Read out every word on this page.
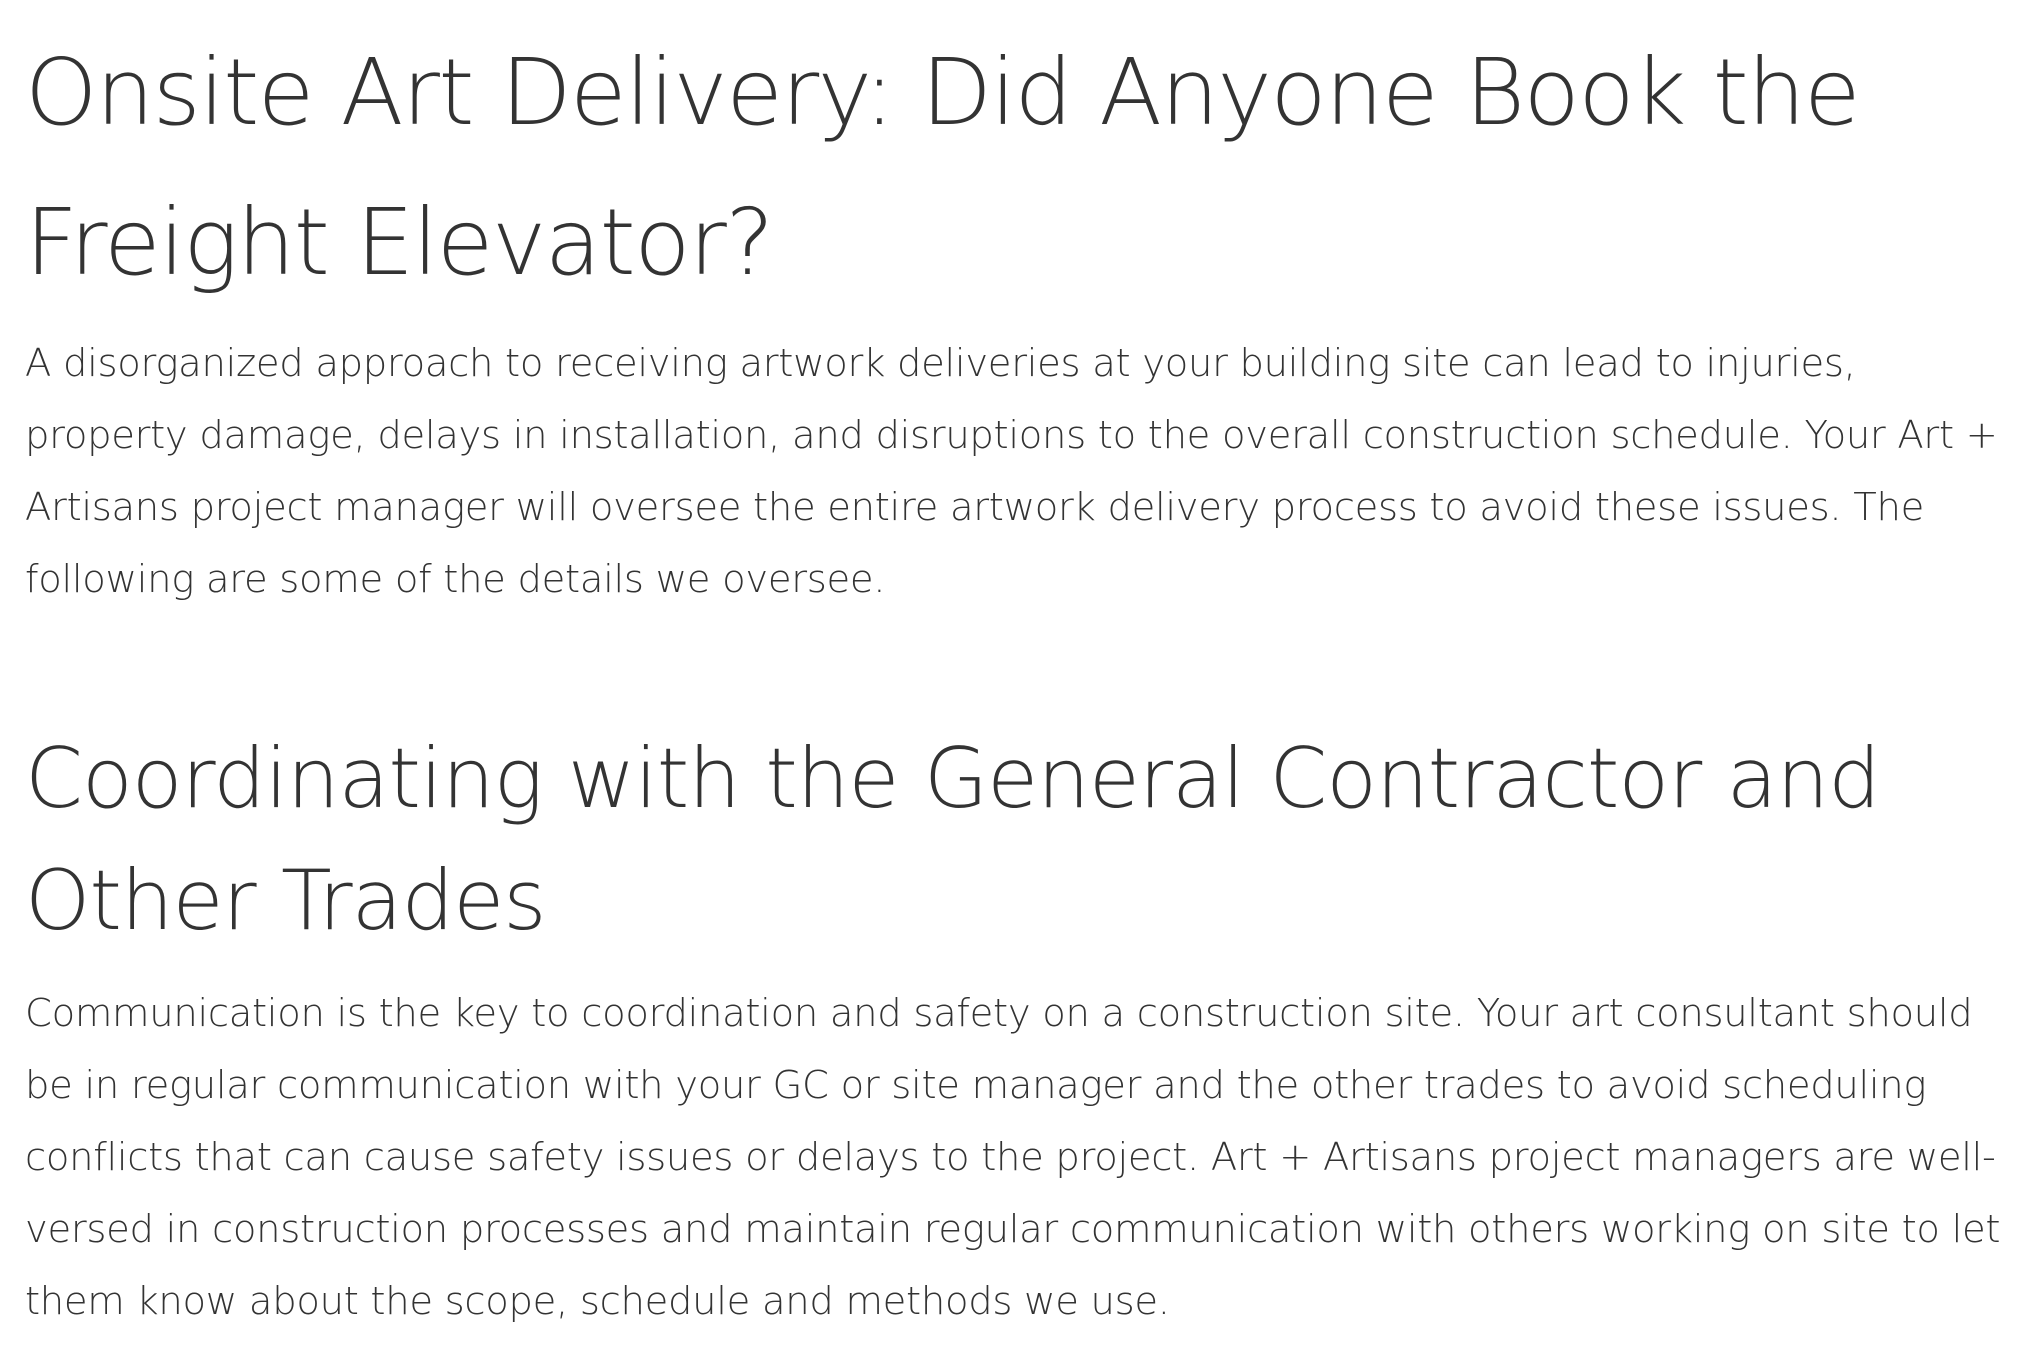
Onsite Art Delivery: Did Anyone Book the Freight Elevator?

A disorganized approach to receiving artwork deliveries at your building site can lead to injuries, property damage, delays in installation, and disruptions to the overall construction schedule. Your Art + Artisans project manager will oversee the entire artwork delivery process to avoid these issues. The following are some of the details we oversee.

Coordinating with the General Contractor and Other Trades

Communication is the key to coordination and safety on a construction site. Your art consultant should be in regular communication with your GC or site manager and the other trades to avoid scheduling conflicts that can cause safety issues or delays to the project. Art + Artisans project managers are well-versed in construction processes and maintain regular communication with others working on site to let them know about the scope, schedule and methods we use.
